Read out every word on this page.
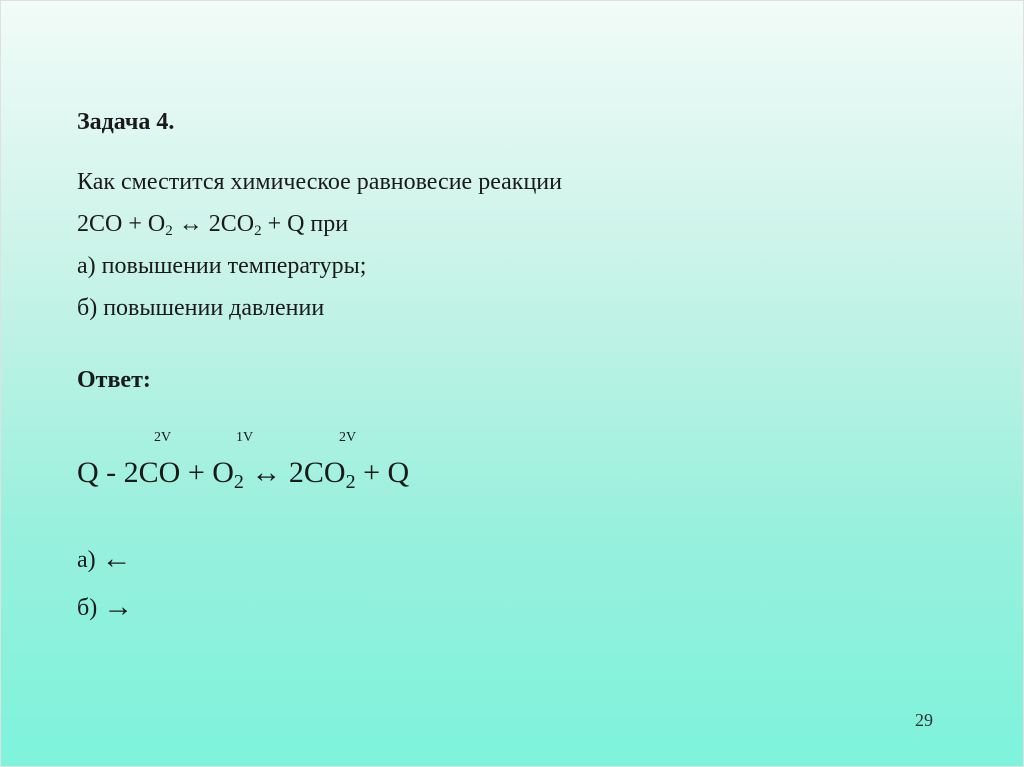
Задача 4.
Как сместится химическое равновесие реакции
$2CO + O_2$ ↔ $2CO_2 + Q$ при
а) повышении температуры;
б) повышении давлении
Ответ:
2V	1V	2V
$Q - 2CO + O_2$ ↔ $2CO_2 + Q$
а) ←
б) →
29
